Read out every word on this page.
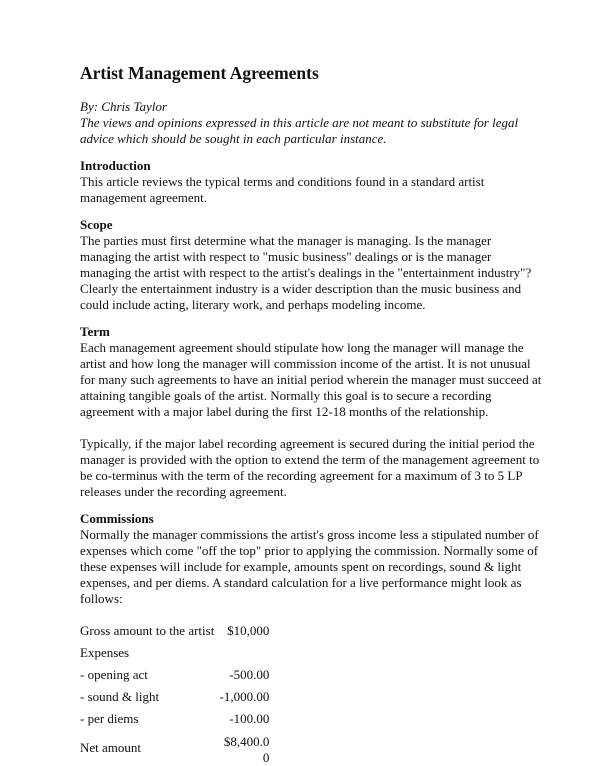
Artist Management Agreements

By: Chris Taylor

The views and opinions expressed in this article are not meant to substitute for legal advice which should be sought in each particular instance.

Introduction

This article reviews the typical terms and conditions found in a standard artist management agreement.

Scope

The parties must first determine what the manager is managing. Is the manager managing the artist with respect to "music business" dealings or is the manager managing the artist with respect to the artist's dealings in the "entertainment industry"? Clearly the entertainment industry is a wider description than the music business and could include acting, literary work, and perhaps modeling income.

Term

Each management agreement should stipulate how long the manager will manage the artist and how long the manager will commission income of the artist. It is not unusual for many such agreements to have an initial period wherein the manager must succeed at attaining tangible goals of the artist. Normally this goal is to secure a recording agreement with a major label during the first 12-18 months of the relationship.

Typically, if the major label recording agreement is secured during the initial period the manager is provided with the option to extend the term of the management agreement to be co-terminus with the term of the recording agreement for a maximum of 3 to 5 LP releases under the recording agreement.

Commissions

Normally the manager commissions the artist's gross income less a stipulated number of expenses which come "off the top" prior to applying the commission. Normally some of these expenses will include for example, amounts spent on recordings, sound & light expenses, and per diems. A standard calculation for a live performance might look as follows:

Gross amount to the artist	$10,000
Expenses	
- opening act	-500.00
- sound & light	-1,000.00
- per diems	-100.00
Net amount	$8,400.0 0
